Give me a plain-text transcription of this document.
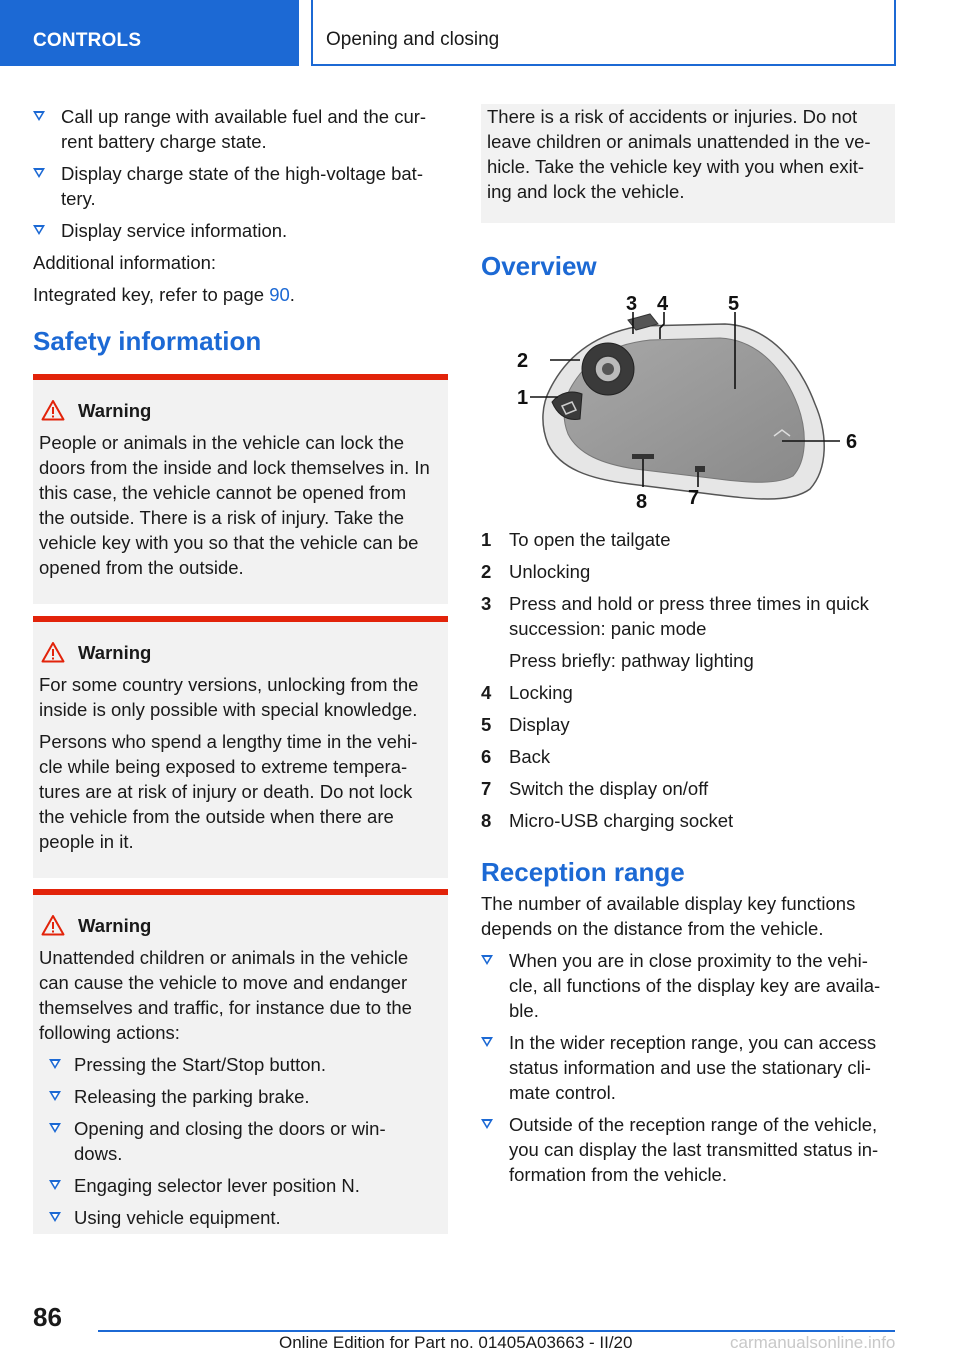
CONTROLS	Opening and closing
Call up range with available fuel and the cur-
rent battery charge state.
Display charge state of the high-voltage bat-
tery.
Display service information.
Additional information:
Integrated key, refer to page 90.
Safety information
Warning

People or animals in the vehicle can lock the
doors from the inside and lock themselves in. In
this case, the vehicle cannot be opened from
the outside. There is a risk of injury. Take the
vehicle key with you so that the vehicle can be
opened from the outside.

Warning

For some country versions, unlocking from the
inside is only possible with special knowledge.

Persons who spend a lengthy time in the vehi-
cle while being exposed to extreme tempera-
tures are at risk of injury or death. Do not lock
the vehicle from the outside when there are
people in it.

Warning

Unattended children or animals in the vehicle
can cause the vehicle to move and endanger
themselves and traffic, for instance due to the
following actions:

Pressing the Start/Stop button.
Releasing the parking brake.
Opening and closing the doors or win-
dows.
Engaging selector lever position N.
Using vehicle equipment.
There is a risk of accidents or injuries. Do not
leave children or animals unattended in the ve-
hicle. Take the vehicle key with you when exit-
ing and lock the vehicle.
Overview
3 4	5
2
1
6
8 7
1 To open the tailgate
2 Unlocking
3 Press and hold or press three times in quick
succession: panic mode
Press briefly: pathway lighting
4 Locking
5 Display
6 Back
7 Switch the display on/off
8 Micro-USB charging socket
Reception range
The number of available display key functions
depends on the distance from the vehicle.
When you are in close proximity to the vehi-
cle, all functions of the display key are availa-
ble.
In the wider reception range, you can access
status information and use the stationary cli-
mate control.
Outside of the reception range of the vehicle,
you can display the last transmitted status in-
formation from the vehicle.
86
Online Edition for Part no. 01405A03663 - II/20	carmanualsonline.info
